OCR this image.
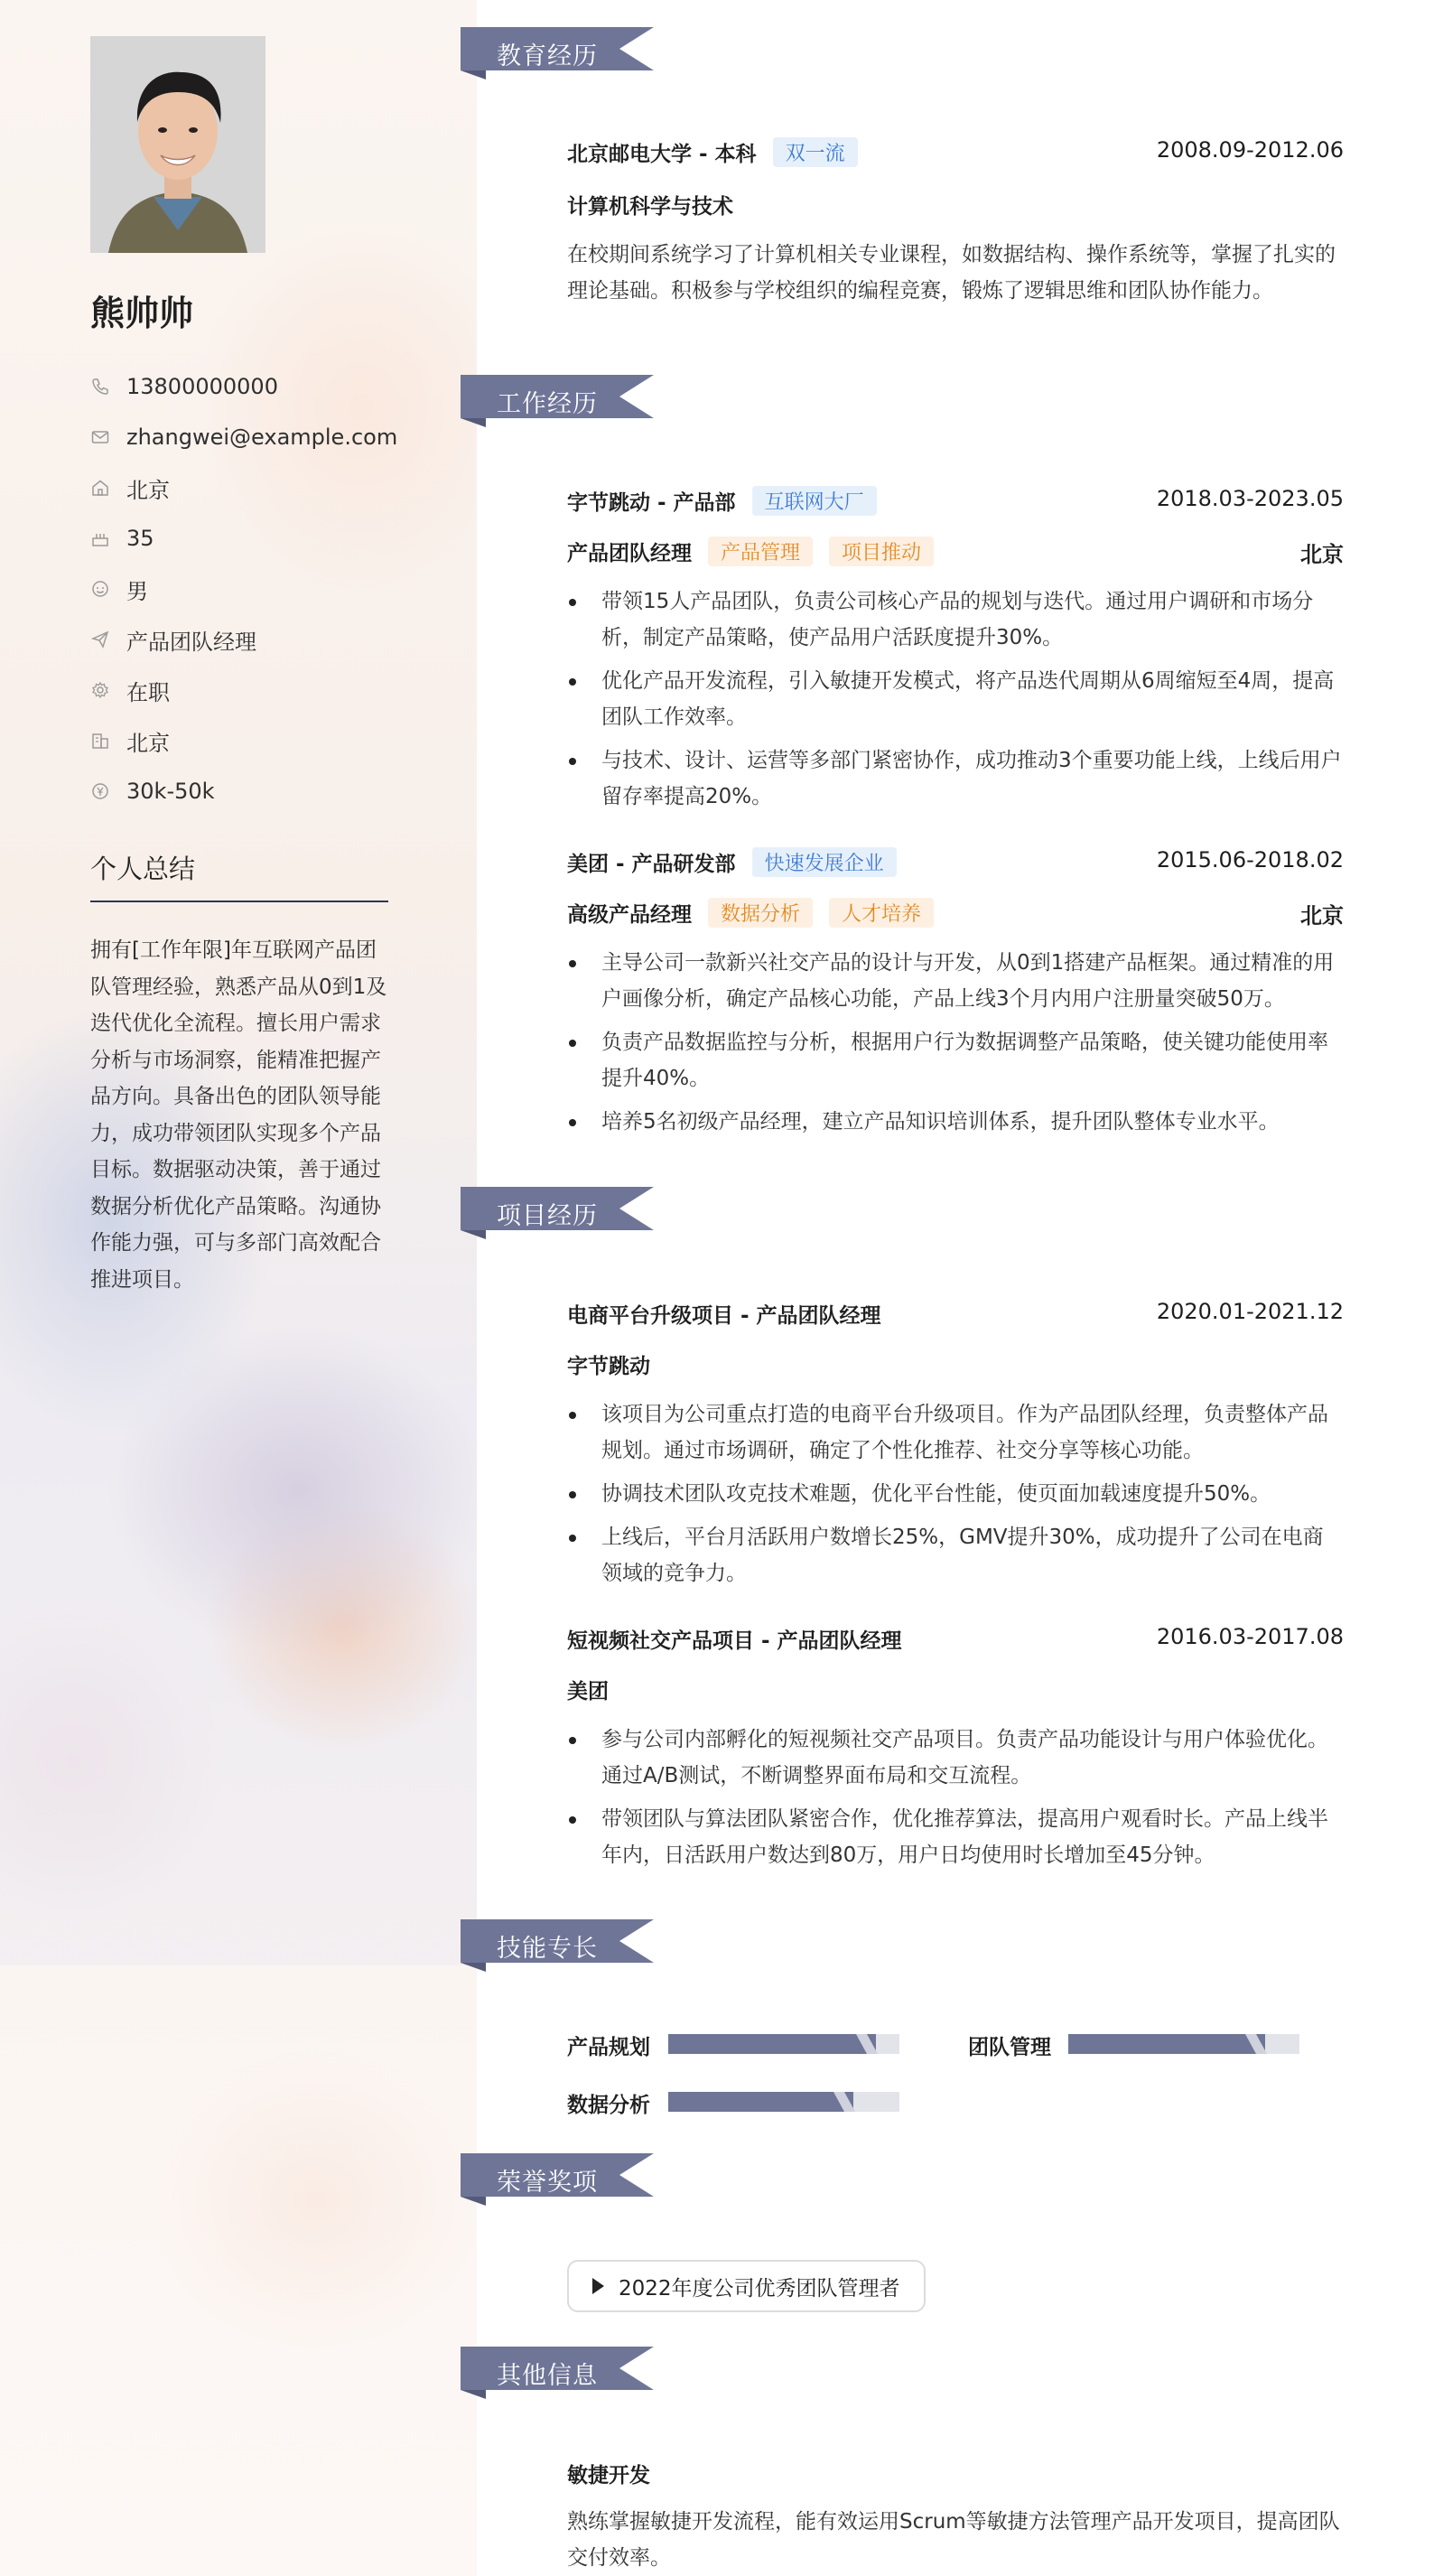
熊帅帅
13800000000
zhangwei@example.com
北京
35
男
产品团队经理
在职
北京
30k-50k
个人总结
拥有[工作年限]年互联网产品团队管理经验，熟悉产品从0到1及迭代优化全流程。擅长用户需求分析与市场洞察，能精准把握产品方向。具备出色的团队领导能力，成功带领团队实现多个产品目标。数据驱动决策，善于通过数据分析优化产品策略。沟通协作能力强，可与多部门高效配合推进项目。
教育经历
北京邮电大学 - 本科	双一流	2008.09-2012.06
计算机科学与技术
在校期间系统学习了计算机相关专业课程，如数据结构、操作系统等，掌握了扎实的理论基础。积极参与学校组织的编程竞赛，锻炼了逻辑思维和团队协作能力。
工作经历
字节跳动 - 产品部	互联网大厂	2018.03-2023.05
产品团队经理	产品管理	项目推动	北京
带领15人产品团队，负责公司核心产品的规划与迭代。通过用户调研和市场分析，制定产品策略，使产品用户活跃度提升30%。
优化产品开发流程，引入敏捷开发模式，将产品迭代周期从6周缩短至4周，提高团队工作效率。
与技术、设计、运营等多部门紧密协作，成功推动3个重要功能上线，上线后用户留存率提高20%。
美团 - 产品研发部	快速发展企业	2015.06-2018.02
高级产品经理	数据分析	人才培养	北京
主导公司一款新兴社交产品的设计与开发，从0到1搭建产品框架。通过精准的用户画像分析，确定产品核心功能，产品上线3个月内用户注册量突破50万。
负责产品数据监控与分析，根据用户行为数据调整产品策略，使关键功能使用率提升40%。
培养5名初级产品经理，建立产品知识培训体系，提升团队整体专业水平。
项目经历
电商平台升级项目 - 产品团队经理	2020.01-2021.12
字节跳动
该项目为公司重点打造的电商平台升级项目。作为产品团队经理，负责整体产品规划。通过市场调研，确定了个性化推荐、社交分享等核心功能。
协调技术团队攻克技术难题，优化平台性能，使页面加载速度提升50%。
上线后，平台月活跃用户数增长25%，GMV提升30%，成功提升了公司在电商领域的竞争力。
短视频社交产品项目 - 产品团队经理	2016.03-2017.08
美团
参与公司内部孵化的短视频社交产品项目。负责产品功能设计与用户体验优化。通过A/B测试，不断调整界面布局和交互流程。
带领团队与算法团队紧密合作，优化推荐算法，提高用户观看时长。产品上线半年内，日活跃用户数达到80万，用户日均使用时长增加至45分钟。
技能专长
产品规划	团队管理
数据分析
荣誉奖项
2022年度公司优秀团队管理者
其他信息
敏捷开发
熟练掌握敏捷开发流程，能有效运用Scrum等敏捷方法管理产品开发项目，提高团队交付效率。
